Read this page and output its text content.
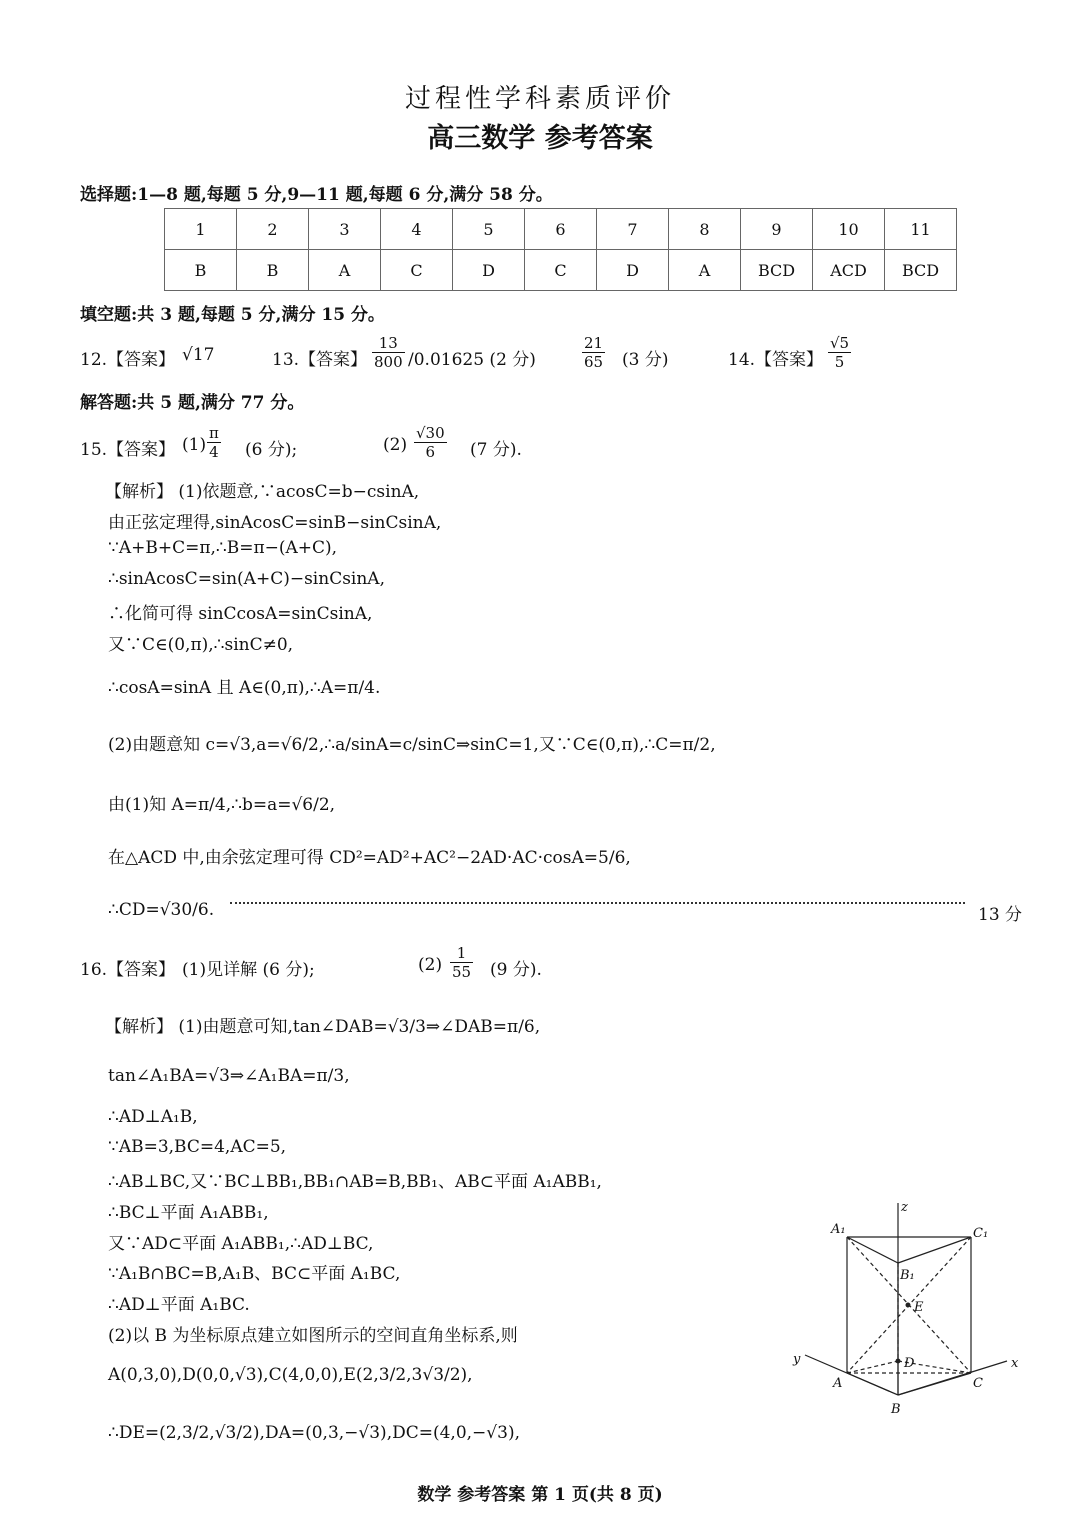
过程性学科素质评价
高三数学 参考答案
选择题:1—8 题,每题 5 分,9—11 题,每题 6 分,满分 58 分。
1	2	3	4	5	6	7	8	9	10	11
B	B	A	C	D	C	D	A	BCD	ACD	BCD
填空题:共 3 题,每题 5 分,满分 15 分。
12.【答案】 √17	13.【答案】 $\frac{13}{800} /0.01625$ (2 分)	$\frac{21}{65} (3$ 分)	14.【答案】 $\frac{√5}{5}$
解答题:共 5 题,满分 77 分。
15.【答案】 $(1) \frac{\pi}{4} (6$ 分);	$(2) \frac{√30}{6} (7$ 分).
【解析】 (1)依题意,∵acosC=b−csinA,
由正弦定理得,sinAcosC=sinB−sinCsinA,
∵A+B+C=π,∴B=π−(A+C),
∴sinAcosC=sin(A+C)−sinCsinA,
∴化简可得 sinCcosA=sinCsinA,
又∵C∈(0,π),∴sinC≠0,
∴cosA=sinA 且 A∈(0,π),∴A=π/4.
(2)由题意知 c=√3,a=√6/2,∴a/sinA=c/sinC⇒sinC=1,又∵C∈(0,π),∴C=π/2,
由(1)知 A=π/4,∴b=a=√6/2,
在△ACD 中,由余弦定理可得 CD²=AD²+AC²−2AD·AC·cosA=5/6,
∴CD=√30/6.	13 分
16.【答案】 (1)见详解 (6 分);	$(2) \frac{1}{55} (9$ 分).
【解析】 (1)由题意可知,tan∠DAB=√3/3⇒∠DAB=π/6,
tan∠A₁BA=√3⇒∠A₁BA=π/3,
∴AD⊥A₁B,
∵AB=3,BC=4,AC=5,
∴AB⊥BC,又∵BC⊥BB₁,BB₁∩AB=B,BB₁、AB⊂平面 A₁ABB₁,
∴BC⊥平面 A₁ABB₁,
又∵AD⊂平面 A₁ABB₁,∴AD⊥BC,
∵A₁B∩BC=B,A₁B、BC⊂平面 A₁BC,
∴AD⊥平面 A₁BC.
(2)以 B 为坐标原点建立如图所示的空间直角坐标系,则
A(0,3,0),D(0,0,√3),C(4,0,0),E(2,3/2,3√3/2),
∴DE=(2,3/2,√3/2),DA=(0,3,−√3),DC=(4,0,−√3),
z
A₁	C₁
B₁
E
D
y	x
A	C
B
数学 参考答案 第 1 页(共 8 页)
